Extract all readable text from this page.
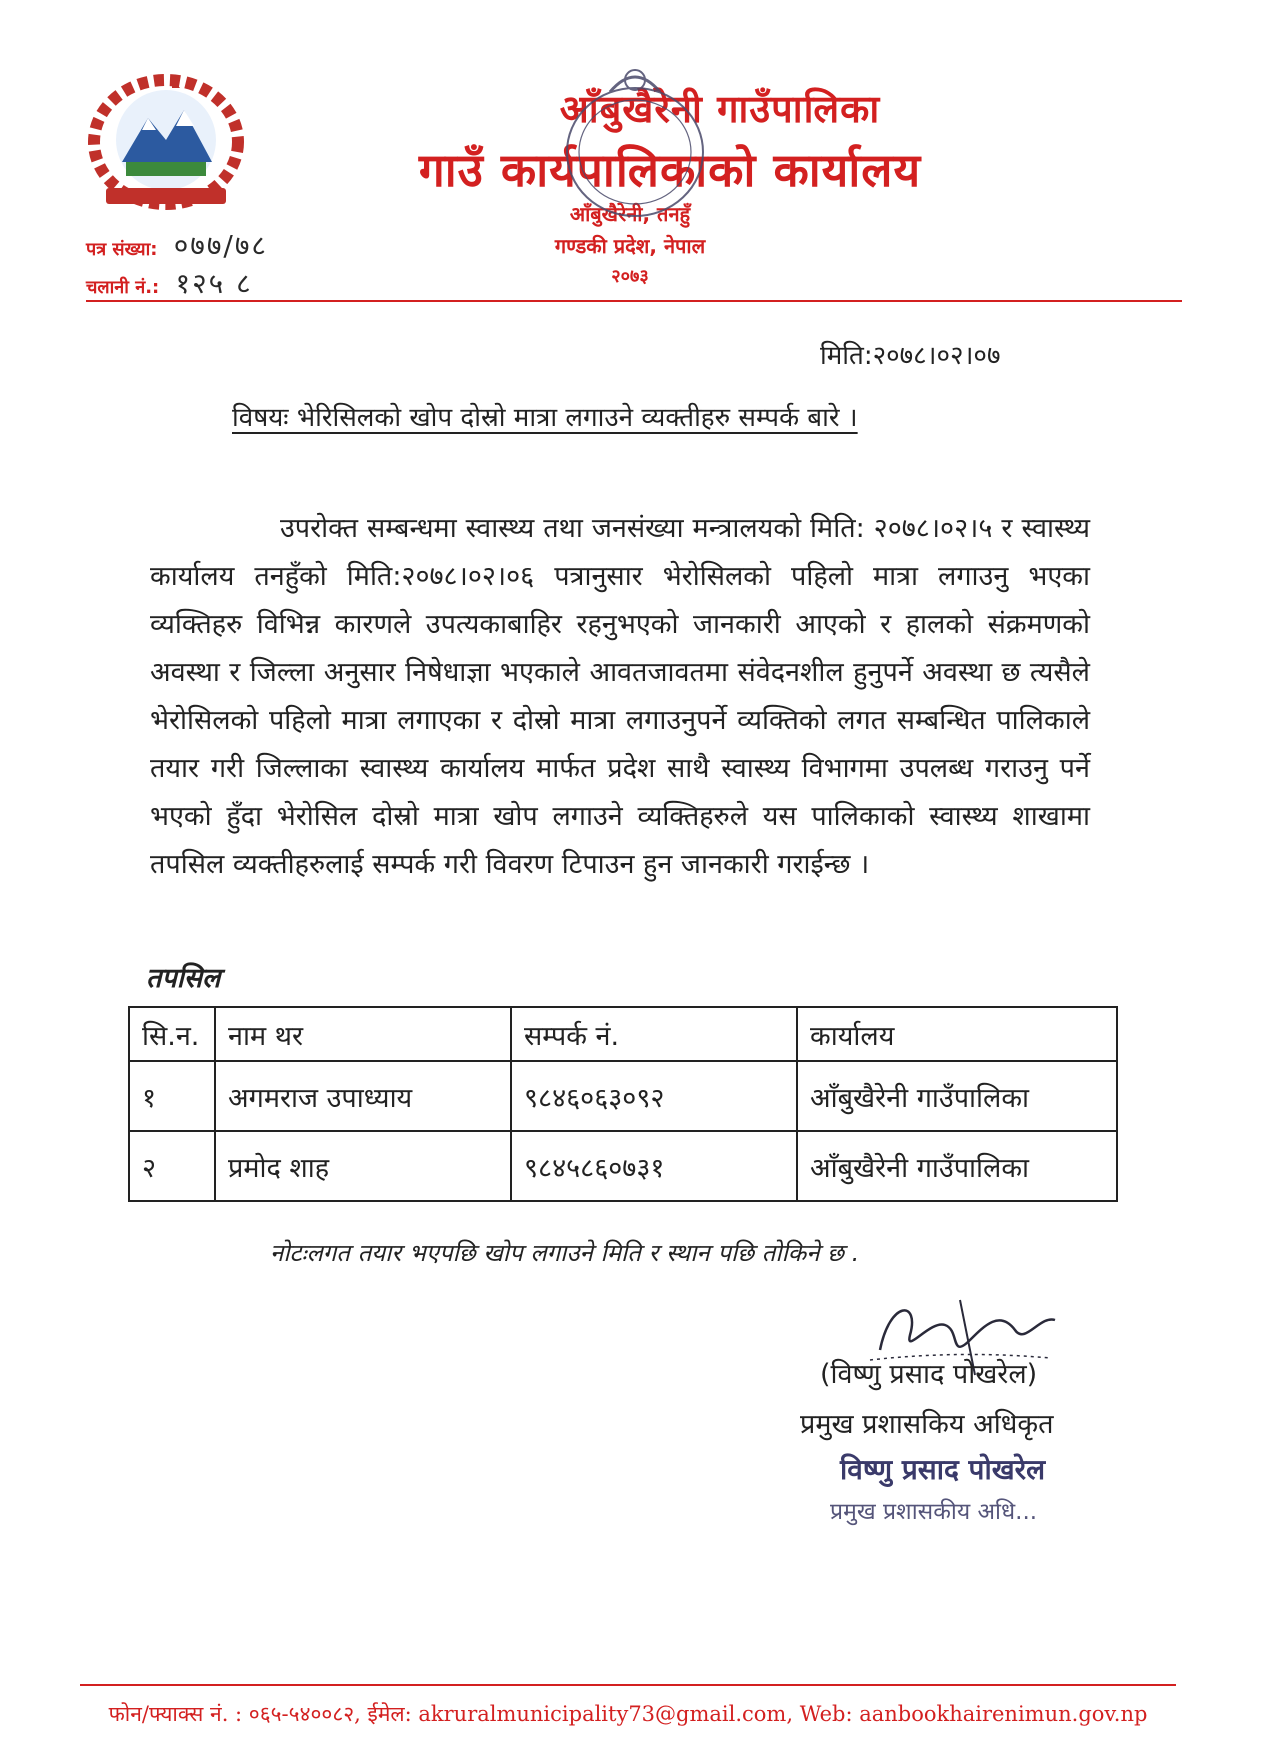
आँबुखैरेनी गाउँपालिका
गाउँ कार्यपालिकाको कार्यालय
आँबुखैरेनी, तनहुँ
गण्डकी प्रदेश, नेपाल
२०७३
पत्र संख्या: ०७७/७८
चलानी नं.: १२५ ८
मिति:२०७८।०२।०७
विषयः भेरिसिलको खोप दोस्रो मात्रा लगाउने व्यक्तीहरु सम्पर्क बारे ।

उपरोक्त सम्बन्धमा स्वास्थ्य तथा जनसंख्या मन्त्रालयको मिति: २०७८।०२।५ र स्वास्थ्य कार्यालय तनहुँको मिति:२०७८।०२।०६ पत्रानुसार भेरोसिलको पहिलो मात्रा लगाउनु भएका व्यक्तिहरु विभिन्न कारणले उपत्यकाबाहिर रहनुभएको जानकारी आएको र हालको संक्रमणको अवस्था र जिल्ला अनुसार निषेधाज्ञा भएकाले आवतजावतमा संवेदनशील हुनुपर्ने अवस्था छ त्यसैले भेरोसिलको पहिलो मात्रा लगाएका र दोस्रो मात्रा लगाउनुपर्ने व्यक्तिको लगत सम्बन्धित पालिकाले तयार गरी जिल्लाका स्वास्थ्य कार्यालय मार्फत प्रदेश साथै स्वास्थ्य विभागमा उपलब्ध गराउनु पर्ने भएको हुँदा भेरोसिल दोस्रो मात्रा खोप लगाउने व्यक्तिहरुले यस पालिकाको स्वास्थ्य शाखामा तपसिल व्यक्तीहरुलाई सम्पर्क गरी विवरण टिपाउन हुन जानकारी गराईन्छ ।

तपसिल
सि.न.	नाम थर	सम्पर्क नं.	कार्यालय
१	अगमराज उपाध्याय	९८४६०६३०९२	आँबुखैरेनी गाउँपालिका
२	प्रमोद शाह	९८४५८६०७३१	आँबुखैरेनी गाउँपालिका
नोटःलगत तयार भएपछि खोप लगाउने मिति र स्थान पछि तोकिने छ .
(विष्णु प्रसाद पोखरेल)
प्रमुख प्रशासकिय अधिकृत
विष्णु प्रसाद पोखरेल
प्रमुख प्रशासकीय अधि...
फोन/फ्याक्स नं. : ०६५-५४००८२, ईमेल: akruralmunicipality73@gmail.com, Web: aanbookhairenimun.gov.np
